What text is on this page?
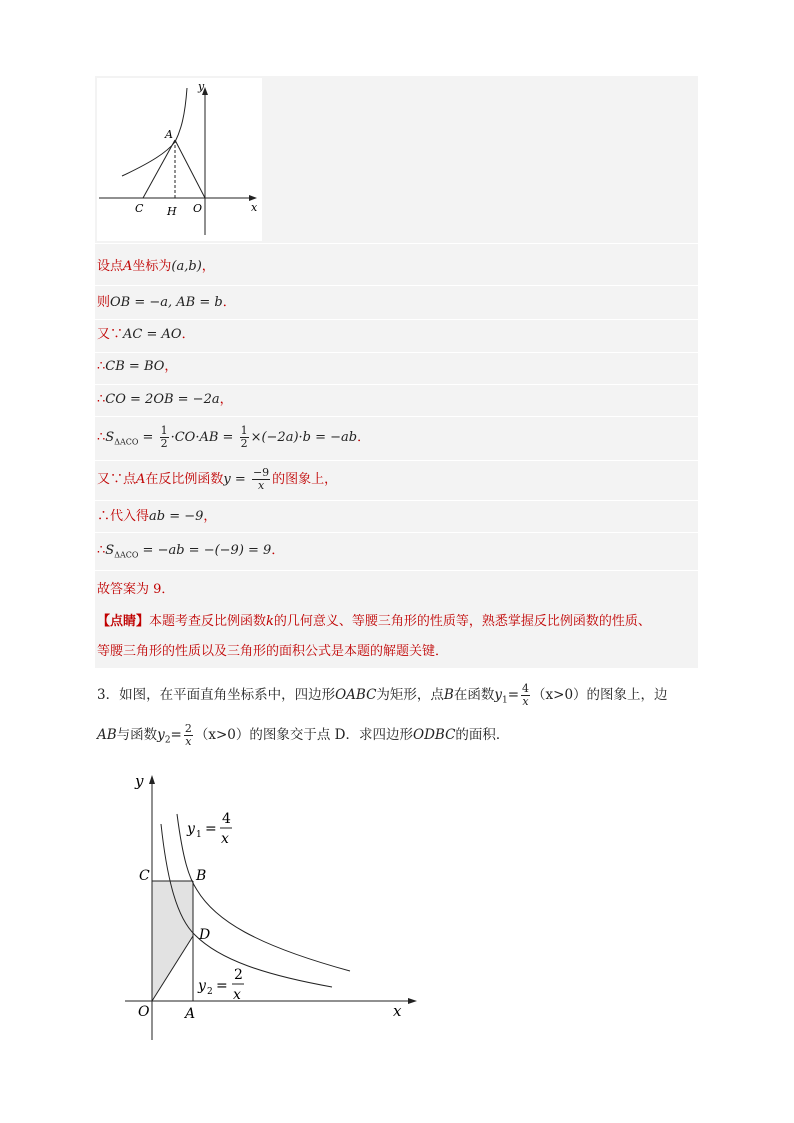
y
x
A
C H O
设点A坐标为(a,b)，
则OB = −a, AB = b．
又∵AC = AO．
∴CB = BO，
∴CO = 2OB = −2a，
$\therefore S_{\Delta ACO} = \frac{1}{2} \cdot CO\cdot AB = \frac{1}{2} \times(-2a)\cdot b = -ab$．
又∵点A在反比例函数$y = \frac{-9}{x}$ 的图象上，
∴代入得ab = −9，
$\therefore S_{\Delta ACO} = -ab = -(-9) = 9$．
故答案为 9．
【点睛】本题考查反比例函数k的几何意义、等腰三角形的性质等，熟悉掌握反比例函数的性质、
等腰三角形的性质以及三角形的面积公式是本题的解题关键．
3．如图，在平面直角坐标系中，四边形OABC为矩形，点B在函数$y_1= \frac{4}{x} (x>0)$的图象上，边
AB与函数$y_2= \frac{2}{x} (x>0)$的图象交于点 D．求四边形ODBC的面积．
y
x
O	A
B
C
D
y 1 =
4
x
y 2 =
2
x
